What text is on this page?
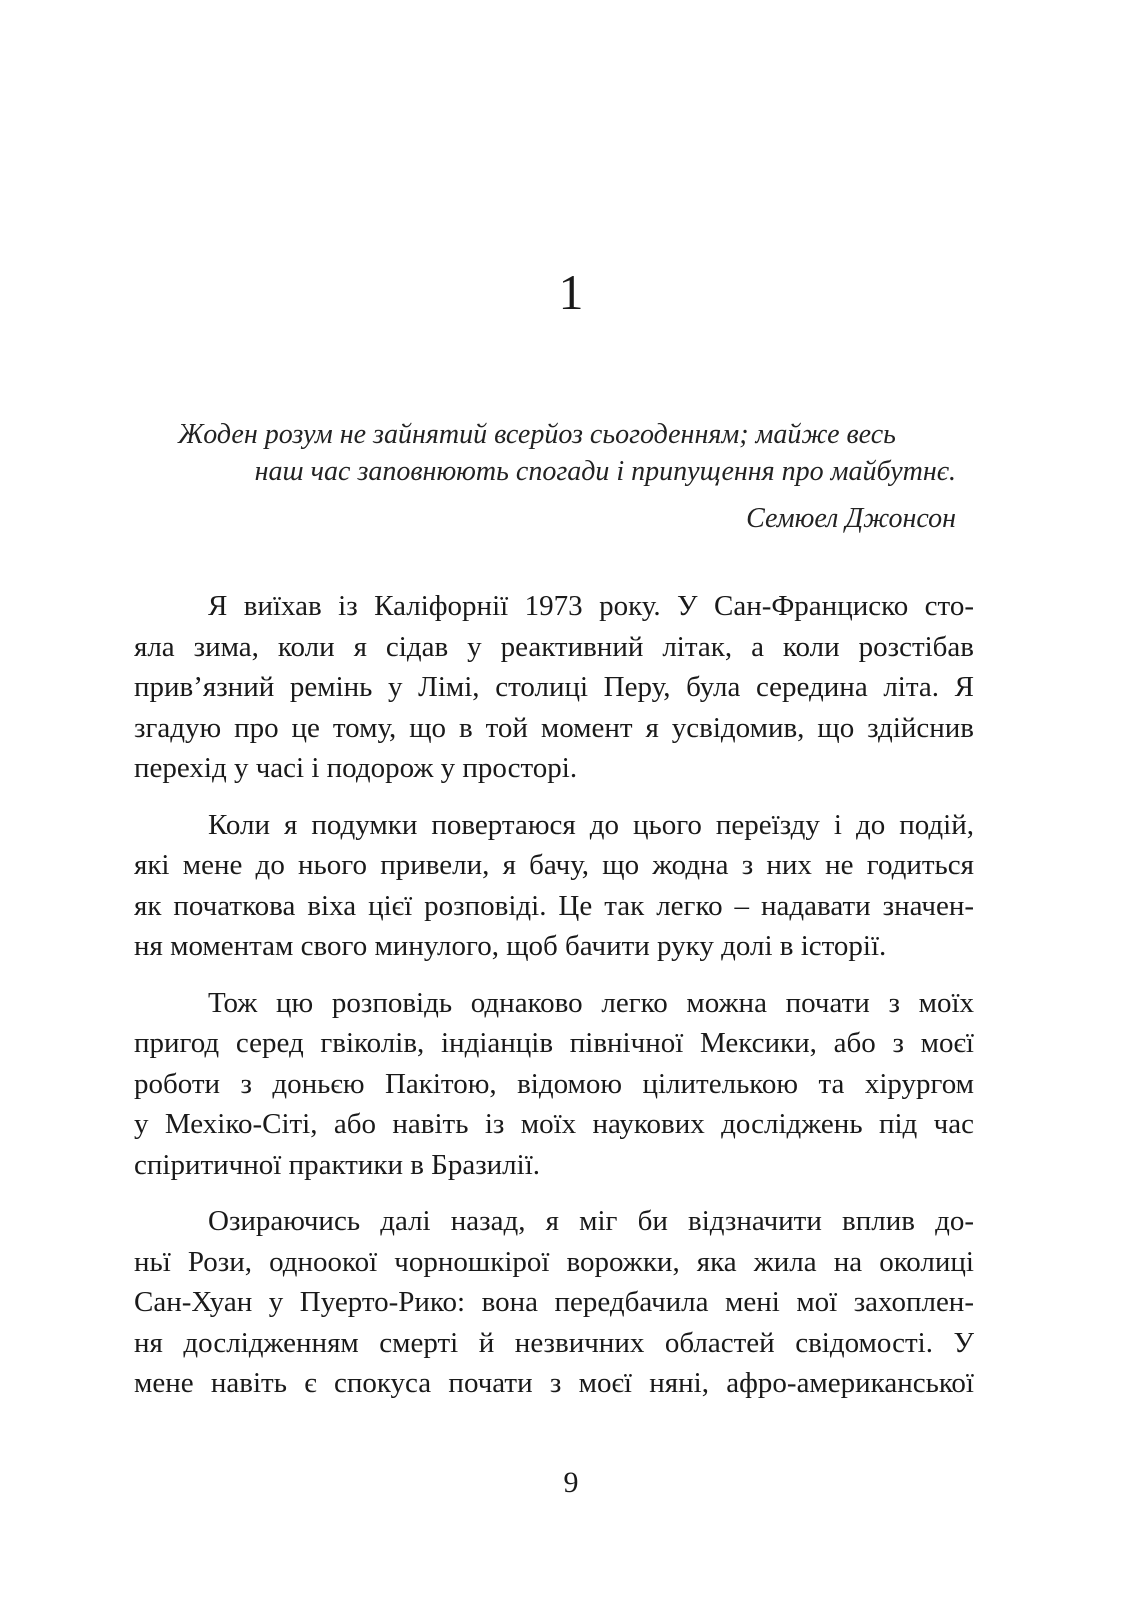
1
Жоден розум не зайнятий всерйоз сьогоденням; майже весь
наш час заповнюють спогади і припущення про майбутнє.
Семюел Джонсон
Я виїхав із Каліфорнії 1973 року. У Сан-Франциско сто-
яла зима, коли я сідав у реактивний літак, а коли розстібав
прив’язний ремінь у Лімі, столиці Перу, була середина літа. Я
згадую про це тому, що в той момент я усвідомив, що здійснив
перехід у часі і подорож у просторі.
Коли я подумки повертаюся до цього переїзду і до подій,
які мене до нього привели, я бачу, що жодна з них не годиться
як початкова віха цієї розповіді. Це так легко – надавати значен-
ня моментам свого минулого, щоб бачити руку долі в історії.
Тож цю розповідь однаково легко можна почати з моїх
пригод серед гвіколів, індіанців північної Мексики, або з моєї
роботи з доньєю Пакітою, відомою цілителькою та хірургом
у Мехіко-Сіті, або навіть із моїх наукових досліджень під час
спіритичної практики в Бразилії.
Озираючись далі назад, я міг би відзначити вплив до-
ньї Рози, одноокої чорношкірої ворожки, яка жила на околиці
Сан-Хуан у Пуерто-Рико: вона передбачила мені мої захоплен-
ня дослідженням смерті й незвичних областей свідомості. У
мене навіть є спокуса почати з моєї няні, афро-американської
9
